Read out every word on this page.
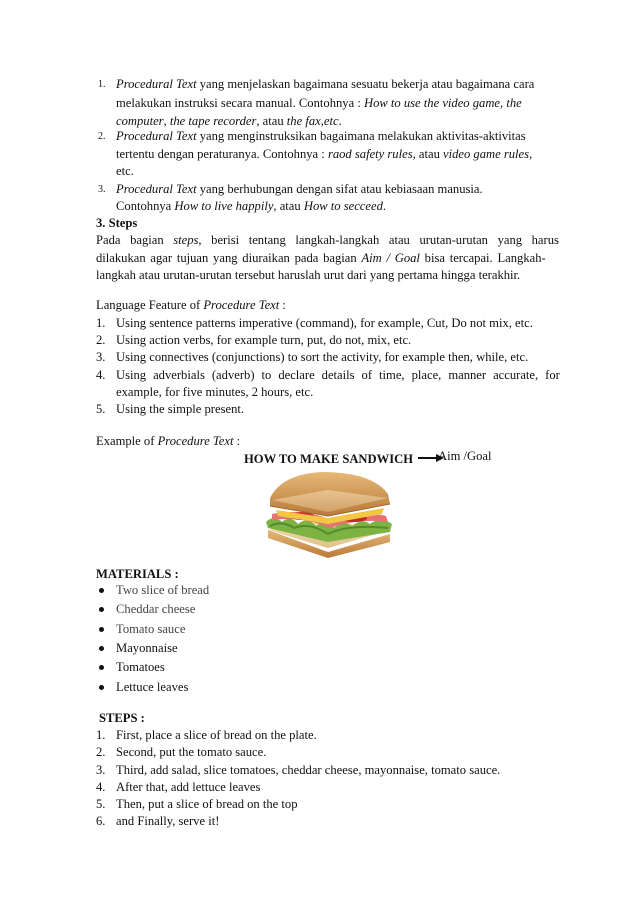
1. Procedural Text yang menjelaskan bagaimana sesuatu bekerja atau bagaimana cara
melakukan instruksi secara manual. Contohnya : How to use the video game, the
computer, the tape recorder, atau the fax,etc.
2. Procedural Text yang menginstruksikan bagaimana melakukan aktivitas-aktivitas
tertentu dengan peraturanya. Contohnya : raod safety rules, atau video game rules,
etc.
3. Procedural Text yang berhubungan dengan sifat atau kebiasaan manusia.
Contohnya How to live happily, atau How to secceed.
3. Steps
Pada bagian steps, berisi tentang langkah-langkah atau urutan-urutan yang harus
dilakukan agar tujuan yang diuraikan pada bagian Aim / Goal bisa tercapai. Langkah-
langkah atau urutan-urutan tersebut haruslah urut dari yang pertama hingga terakhir.
Language Feature of Procedure Text :
1. Using sentence patterns imperative (command), for example, Cut, Do not mix, etc.
2. Using action verbs, for example turn, put, do not, mix, etc.
3. Using connectives (conjunctions) to sort the activity, for example then, while, etc.
4. Using adverbials (adverb) to declare details of time, place, manner accurate, for
example, for five minutes, 2 hours, etc.
5. Using the simple present.
Example of Procedure Text :
HOW TO MAKE SANDWICH Aim /Goal
MATERIALS :
Two slice of bread
Cheddar cheese
Tomato sauce
Mayonnaise
Tomatoes
Lettuce leaves
STEPS :
1. First, place a slice of bread on the plate.
2. Second, put the tomato sauce.
3. Third, add salad, slice tomatoes, cheddar cheese, mayonnaise, tomato sauce.
4. After that, add lettuce leaves
5. Then, put a slice of bread on the top
6. and Finally, serve it!
